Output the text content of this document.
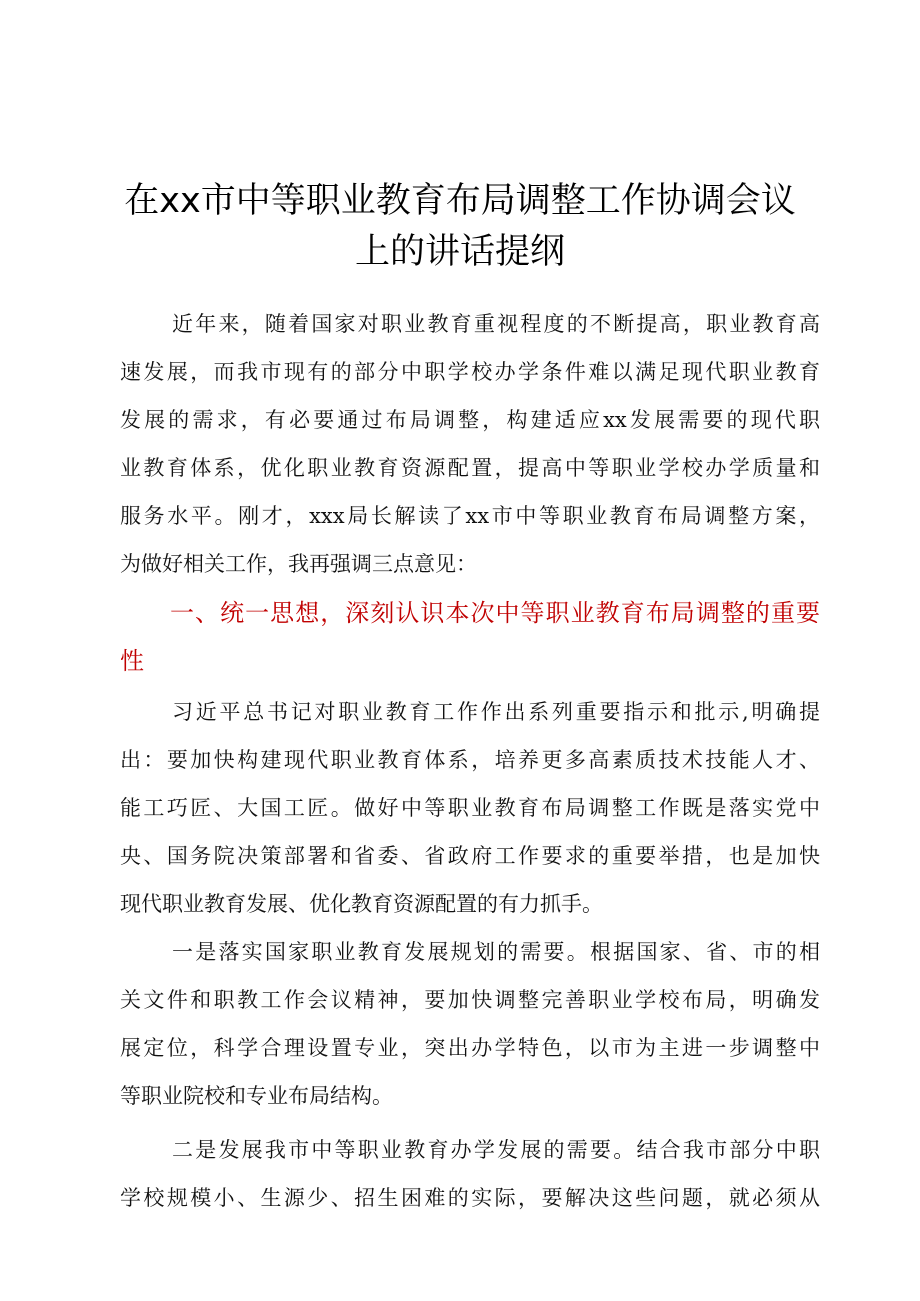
在xx市中等职业教育布局调整工作协调会议
上的讲话提纲
近年来，随着国家对职业教育重视程度的不断提高，职业教育高
速发展，而我市现有的部分中职学校办学条件难以满足现代职业教育
发展的需求，有必要通过布局调整，构建适应xx发展需要的现代职
业教育体系，优化职业教育资源配置，提高中等职业学校办学质量和
服务水平。刚才，xxx局长解读了xx市中等职业教育布局调整方案，
为做好相关工作，我再强调三点意见：
一、统一思想，深刻认识本次中等职业教育布局调整的重要
性
习近平总书记对职业教育工作作出系列重要指示和批示,明确提
出：要加快构建现代职业教育体系，培养更多高素质技术技能人才、
能工巧匠、大国工匠。做好中等职业教育布局调整工作既是落实党中
央、国务院决策部署和省委、省政府工作要求的重要举措，也是加快
现代职业教育发展、优化教育资源配置的有力抓手。
一是落实国家职业教育发展规划的需要。根据国家、省、市的相
关文件和职教工作会议精神，要加快调整完善职业学校布局，明确发
展定位，科学合理设置专业，突出办学特色，以市为主进一步调整中
等职业院校和专业布局结构。
二是发展我市中等职业教育办学发展的需要。结合我市部分中职
学校规模小、生源少、招生困难的实际，要解决这些问题，就必须从
